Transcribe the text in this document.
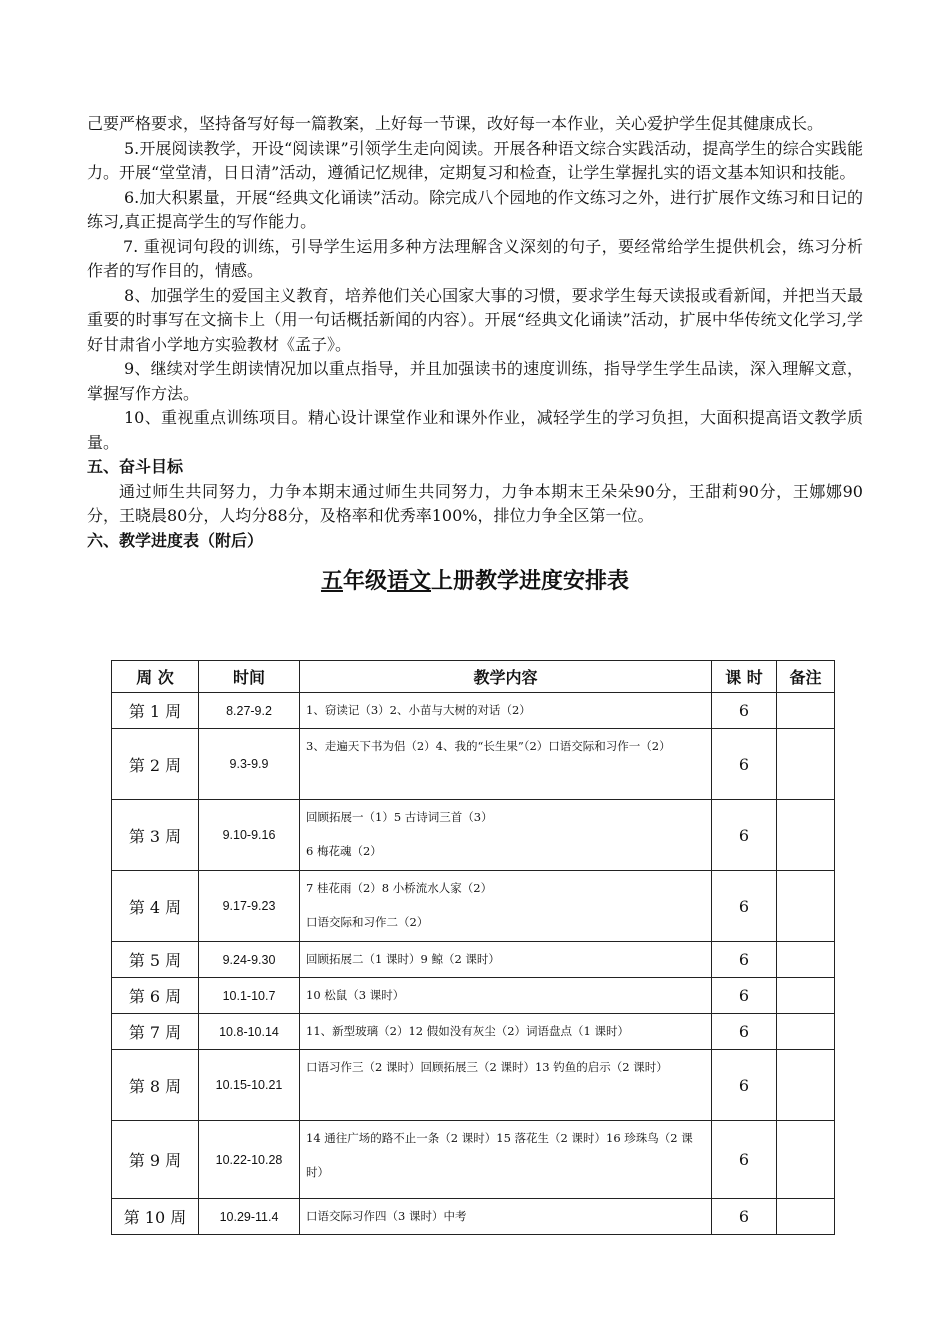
己要严格要求，坚持备写好每一篇教案，上好每一节课，改好每一本作业，关心爱护学生促其健康成长。

5.开展阅读教学，开设“阅读课”引领学生走向阅读。开展各种语文综合实践活动，提高学生的综合实践能力。开展“堂堂清，日日清”活动，遵循记忆规律，定期复习和检查，让学生掌握扎实的语文基本知识和技能。

6.加大积累量，开展“经典文化诵读”活动。除完成八个园地的作文练习之外，进行扩展作文练习和日记的练习,真正提高学生的写作能力。

7. 重视词句段的训练，引导学生运用多种方法理解含义深刻的句子，要经常给学生提供机会，练习分析作者的写作目的，情感。

8、加强学生的爱国主义教育，培养他们关心国家大事的习惯，要求学生每天读报或看新闻，并把当天最重要的时事写在文摘卡上（用一句话概括新闻的内容）。开展“经典文化诵读”活动，扩展中华传统文化学习,学好甘肃省小学地方实验教材《孟子》。

9、继续对学生朗读情况加以重点指导，并且加强读书的速度训练，指导学生学生品读，深入理解文意，掌握写作方法。

10、重视重点训练项目。精心设计课堂作业和课外作业，减轻学生的学习负担，大面积提高语文教学质量。

五、奋斗目标

通过师生共同努力，力争本期末通过师生共同努力，力争本期末王朵朵90分，王甜莉90分，王娜娜90分，王晓晨80分，人均分88分，及格率和优秀率100%，排位力争全区第一位。

六、教学进度表（附后）

五年级语文上册教学进度安排表
周 次	时间	教学内容	课 时	备注
第 1 周	8.27-9.2	1、窃读记（3）2、小苗与大树的对话（2）	6	
第 2 周	9.3-9.9	3、走遍天下书为侣（2）4、我的“长生果”（2）口语交际和习作一（2）	6	
第 3 周	9.10-9.16	回顾拓展一（1）5 古诗词三首（3）
6 梅花魂（2）	6	
第 4 周	9.17-9.23	7 桂花雨（2）8 小桥流水人家（2）
口语交际和习作二（2）	6	
第 5 周	9.24-9.30	回顾拓展二（1 课时）9 鲸（2 课时）	6	
第 6 周	10.1-10.7	10 松鼠（3 课时）	6	
第 7 周	10.8-10.14	11、新型玻璃（2）12 假如没有灰尘（2）词语盘点（1 课时）	6	
第 8 周	10.15-10.21	口语习作三（2 课时）回顾拓展三（2 课时）13 钓鱼的启示（2 课时）	6	
第 9 周	10.22-10.28	14 通往广场的路不止一条（2 课时）15 落花生（2 课时）16 珍珠鸟（2 课时）	6	
第 10 周	10.29-11.4	口语交际习作四（3 课时）中考	6	
